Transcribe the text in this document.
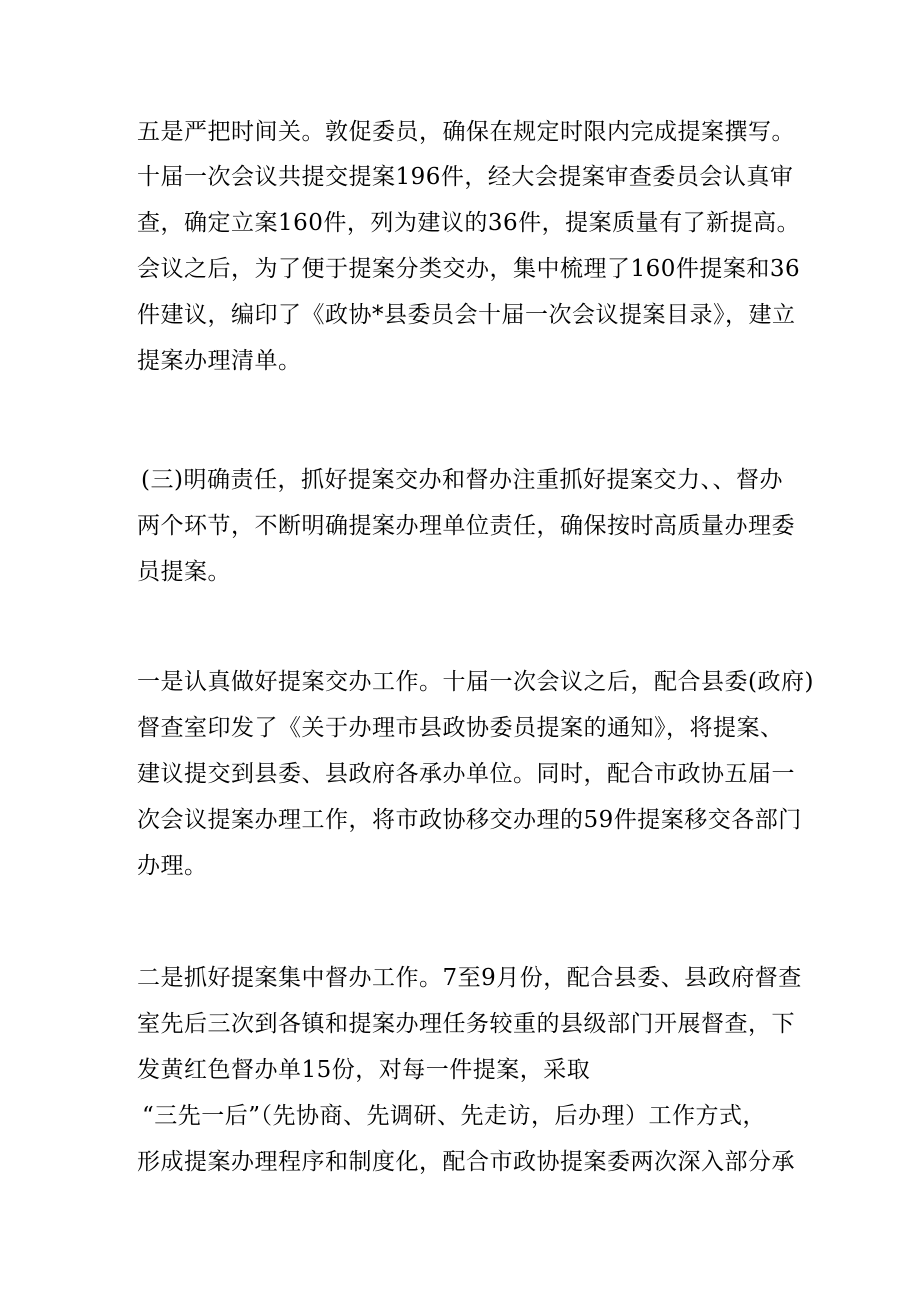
五是严把时间关。敦促委员，确保在规定时限内完成提案撰写。
十届一次会议共提交提案196件，经大会提案审查委员会认真审
查，确定立案160件，列为建议的36件，提案质量有了新提高。
会议之后，为了便于提案分类交办，集中梳理了160件提案和36
件建议，编印了《政协*县委员会十届一次会议提案目录》，建立
提案办理清单。
(三)明确责任，抓好提案交办和督办注重抓好提案交力、、督办
两个环节，不断明确提案办理单位责任，确保按时高质量办理委
员提案。
一是认真做好提案交办工作。十届一次会议之后，配合县委(政府)
督查室印发了《关于办理市县政协委员提案的通知》，将提案、
建议提交到县委、县政府各承办单位。同时，配合市政协五届一
次会议提案办理工作，将市政协移交办理的59件提案移交各部门
办理。
二是抓好提案集中督办工作。7至9月份，配合县委、县政府督查
室先后三次到各镇和提案办理任务较重的县级部门开展督查，下
发黄红色督办单15份，对每一件提案，采取
“三先一后”（先协商、先调研、先走访，后办理）工作方式，
形成提案办理程序和制度化，配合市政协提案委两次深入部分承
